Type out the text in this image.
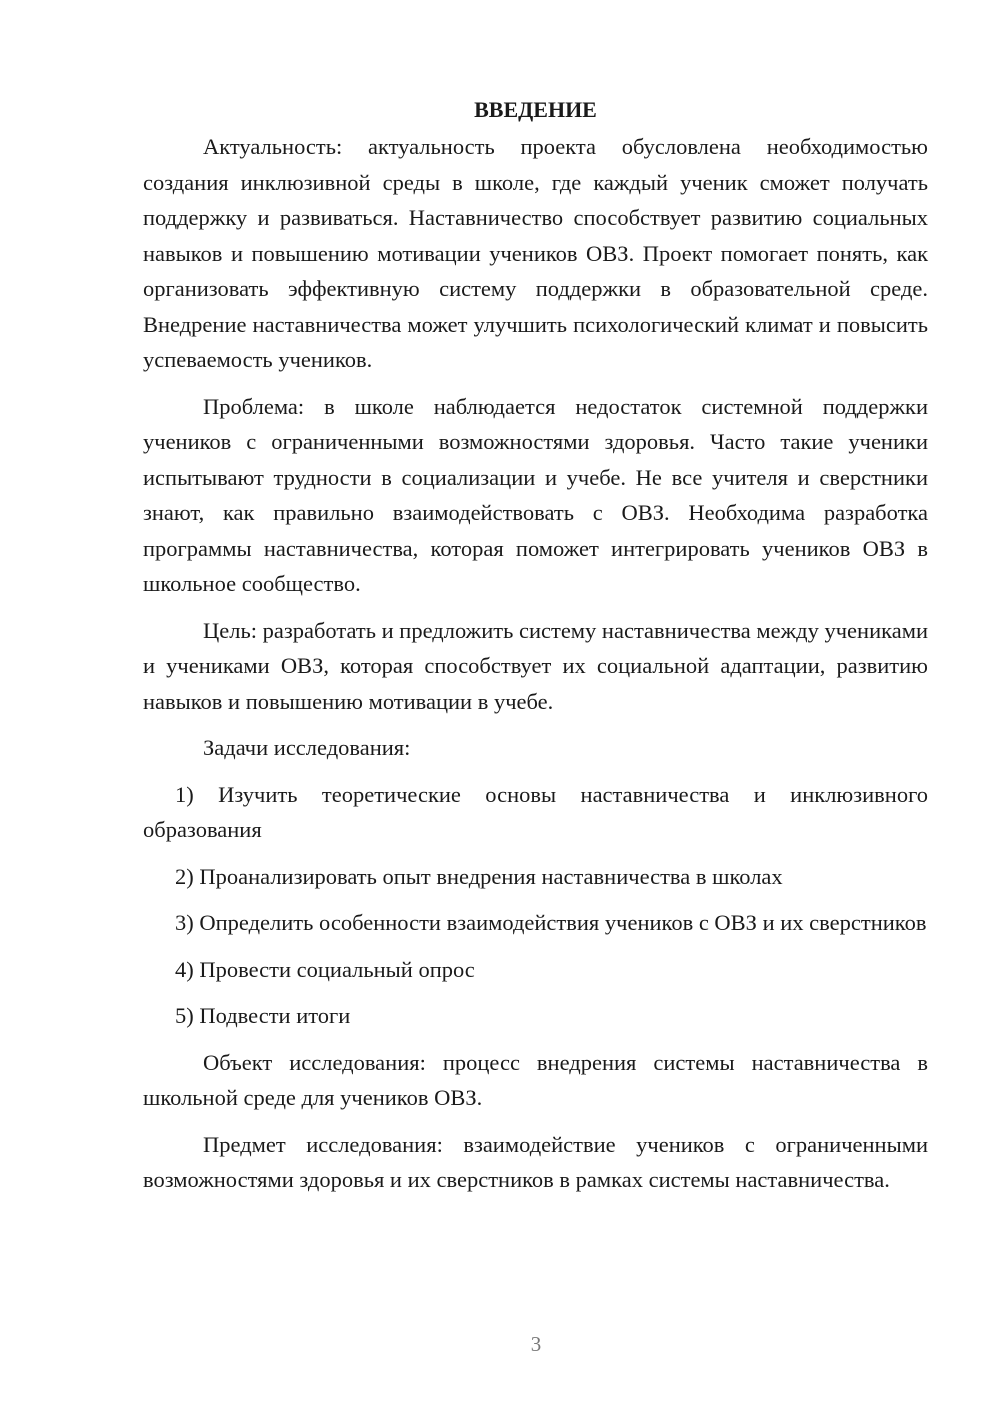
ВВЕДЕНИЕ

Актуальность: актуальность проекта обусловлена необходимостью создания инклюзивной среды в школе, где каждый ученик сможет получать поддержку и развиваться. Наставничество способствует развитию социальных навыков и повышению мотивации учеников ОВЗ. Проект помогает понять, как организовать эффективную систему поддержки в образовательной среде. Внедрение наставничества может улучшить психологический климат и повысить успеваемость учеников.

Проблема: в школе наблюдается недостаток системной поддержки учеников с ограниченными возможностями здоровья. Часто такие ученики испытывают трудности в социализации и учебе. Не все учителя и сверстники знают, как правильно взаимодействовать с ОВЗ. Необходима разработка программы наставничества, которая поможет интегрировать учеников ОВЗ в школьное сообщество.

Цель: разработать и предложить систему наставничества между учениками и учениками ОВЗ, которая способствует их социальной адаптации, развитию навыков и повышению мотивации в учебе.

Задачи исследования:

1) Изучить теоретические основы наставничества и инклюзивного образования

2) Проанализировать опыт внедрения наставничества в школах

3) Определить особенности взаимодействия учеников с ОВЗ и их сверстников

4) Провести социальный опрос

5) Подвести итоги

Объект исследования: процесс внедрения системы наставничества в школьной среде для учеников ОВЗ.

Предмет исследования: взаимодействие учеников с ограниченными возможностями здоровья и их сверстников в рамках системы наставничества.

3
